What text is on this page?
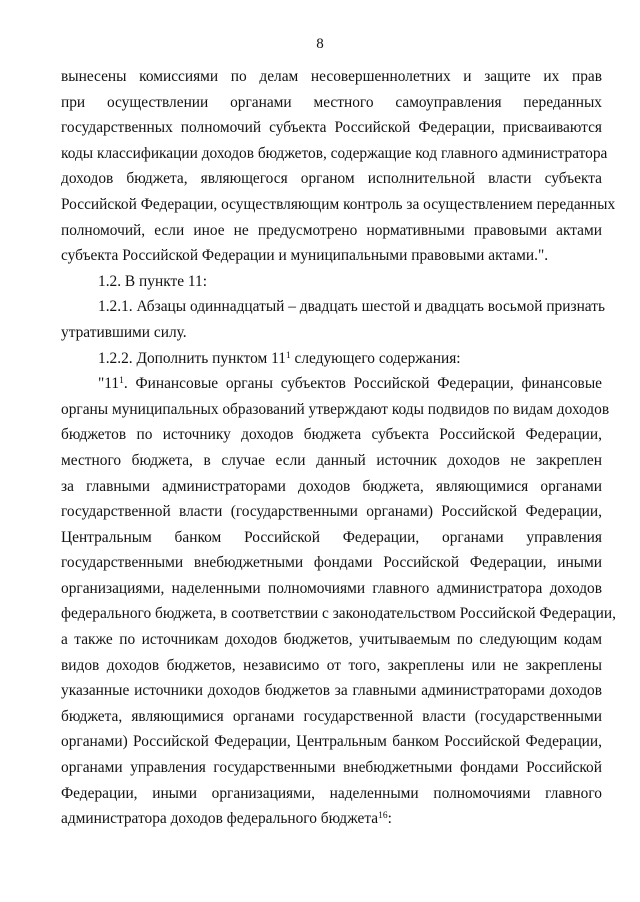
8
вынесены комиссиями по делам несовершеннолетних и защите их прав
при осуществлении органами местного самоуправления переданных
государственных полномочий субъекта Российской Федерации, присваиваются
коды классификации доходов бюджетов, содержащие код главного администратора
доходов бюджета, являющегося органом исполнительной власти субъекта
Российской Федерации, осуществляющим контроль за осуществлением переданных
полномочий, если иное не предусмотрено нормативными правовыми актами
субъекта Российской Федерации и муниципальными правовыми актами.".
1.2. В пункте 11:
1.2.1. Абзацы одиннадцатый – двадцать шестой и двадцать восьмой признать
утратившими силу.
1.2.2. Дополнить пунктом $11^1$ следующего содержания:
"$11^1$. Финансовые органы субъектов Российской Федерации, финансовые
органы муниципальных образований утверждают коды подвидов по видам доходов
бюджетов по источнику доходов бюджета субъекта Российской Федерации,
местного бюджета, в случае если данный источник доходов не закреплен
за главными администраторами доходов бюджета, являющимися органами
государственной власти (государственными органами) Российской Федерации,
Центральным банком Российской Федерации, органами управления
государственными внебюджетными фондами Российской Федерации, иными
организациями, наделенными полномочиями главного администратора доходов
федерального бюджета, в соответствии с законодательством Российской Федерации,
а также по источникам доходов бюджетов, учитываемым по следующим кодам
видов доходов бюджетов, независимо от того, закреплены или не закреплены
указанные источники доходов бюджетов за главными администраторами доходов
бюджета, являющимися органами государственной власти (государственными
органами) Российской Федерации, Центральным банком Российской Федерации,
органами управления государственными внебюджетными фондами Российской
Федерации, иными организациями, наделенными полномочиями главного
администратора доходов федерального бюджета$^{16}$:
